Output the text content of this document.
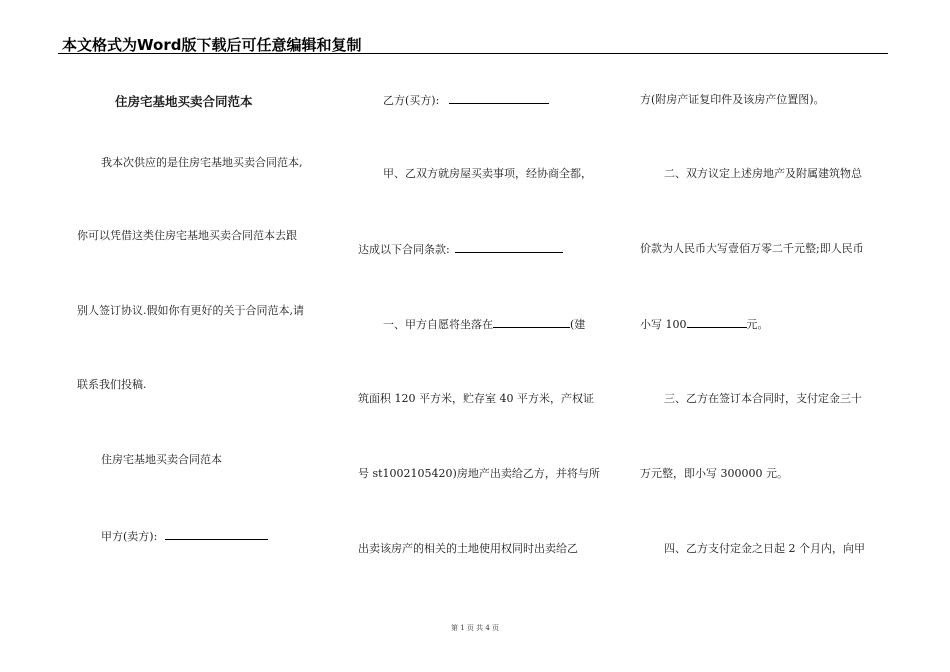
本文格式为Word版下载后可任意编辑和复制
住房宅基地买卖合同范本
我本次供应的是住房宅基地买卖合同范本,
你可以凭借这类住房宅基地买卖合同范本去跟
别人签订协议.假如你有更好的关于合同范本,请
联系我们投稿.
住房宅基地买卖合同范本
甲方(卖方):
乙方(买方):
甲、乙双方就房屋买卖事项，经协商全都，
达成以下合同条款:
一、甲方自愿将坐落在	(建
筑面积 120 平方米，贮存室 40 平方米，产权证
号 st1002105420)房地产出卖给乙方，并将与所
出卖该房产的相关的土地使用权同时出卖给乙
方(附房产证复印件及该房产位置图)。
二、双方议定上述房地产及附属建筑物总
价款为人民币大写壹佰万零二千元整;即人民币
小写 100	元。
三、乙方在签订本合同时，支付定金三十
万元整，即小写 300000 元。
四、乙方支付定金之日起 2 个月内，向甲
第 1 页 共 4 页
